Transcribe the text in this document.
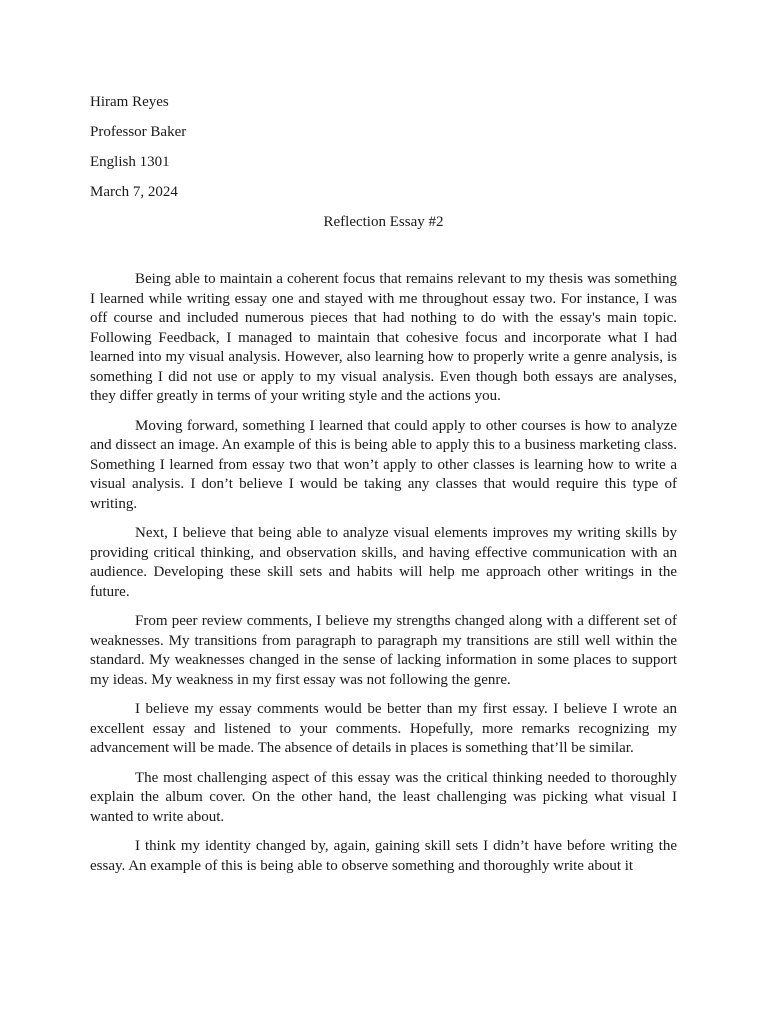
Hiram Reyes
Professor Baker
English 1301
March 7, 2024
Reflection Essay #2

Being able to maintain a coherent focus that remains relevant to my thesis was something I learned while writing essay one and stayed with me throughout essay two. For instance, I was off course and included numerous pieces that had nothing to do with the essay's main topic. Following Feedback, I managed to maintain that cohesive focus and incorporate what I had learned into my visual analysis. However, also learning how to properly write a genre analysis, is something I did not use or apply to my visual analysis. Even though both essays are analyses, they differ greatly in terms of your writing style and the actions you.

Moving forward, something I learned that could apply to other courses is how to analyze and dissect an image. An example of this is being able to apply this to a business marketing class. Something I learned from essay two that won’t apply to other classes is learning how to write a visual analysis. I don’t believe I would be taking any classes that would require this type of writing.

Next, I believe that being able to analyze visual elements improves my writing skills by providing critical thinking, and observation skills, and having effective communication with an audience. Developing these skill sets and habits will help me approach other writings in the future.

From peer review comments, I believe my strengths changed along with a different set of weaknesses. My transitions from paragraph to paragraph my transitions are still well within the standard. My weaknesses changed in the sense of lacking information in some places to support my ideas. My weakness in my first essay was not following the genre.

I believe my essay comments would be better than my first essay. I believe I wrote an excellent essay and listened to your comments. Hopefully, more remarks recognizing my advancement will be made. The absence of details in places is something that’ll be similar.

The most challenging aspect of this essay was the critical thinking needed to thoroughly explain the album cover. On the other hand, the least challenging was picking what visual I wanted to write about.

I think my identity changed by, again, gaining skill sets I didn’t have before writing the essay. An example of this is being able to observe something and thoroughly write about it
